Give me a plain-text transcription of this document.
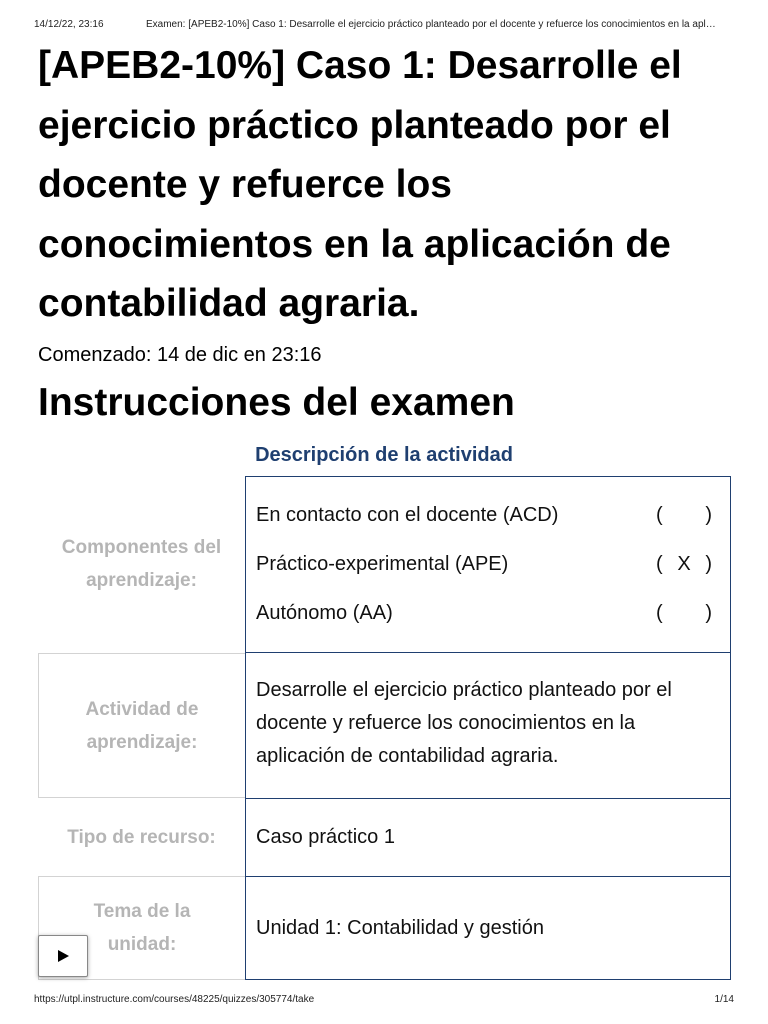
14/12/22, 23:16	Examen: [APEB2-10%] Caso 1: Desarrolle el ejercicio práctico planteado por el docente y refuerce los conocimientos en la apl…
[APEB2-10%] Caso 1: Desarrolle el ejercicio práctico planteado por el docente y refuerce los conocimientos en la aplicación de contabilidad agraria.
Comenzado: 14 de dic en 23:16
Instrucciones del examen
Descripción de la actividad
Componentes del aprendizaje:
En contacto con el docente (ACD)	( )
Práctico-experimental (APE)	( X )
Autónomo (AA)	( )
Actividad de aprendizaje:
Desarrolle el ejercicio práctico planteado por el docente y refuerce los conocimientos en la aplicación de contabilidad agraria.
Tipo de recurso: Caso práctico 1
Tema de la unidad:
Unidad 1: Contabilidad y gestión
https://utpl.instructure.com/courses/48225/quizzes/305774/take	1/14
